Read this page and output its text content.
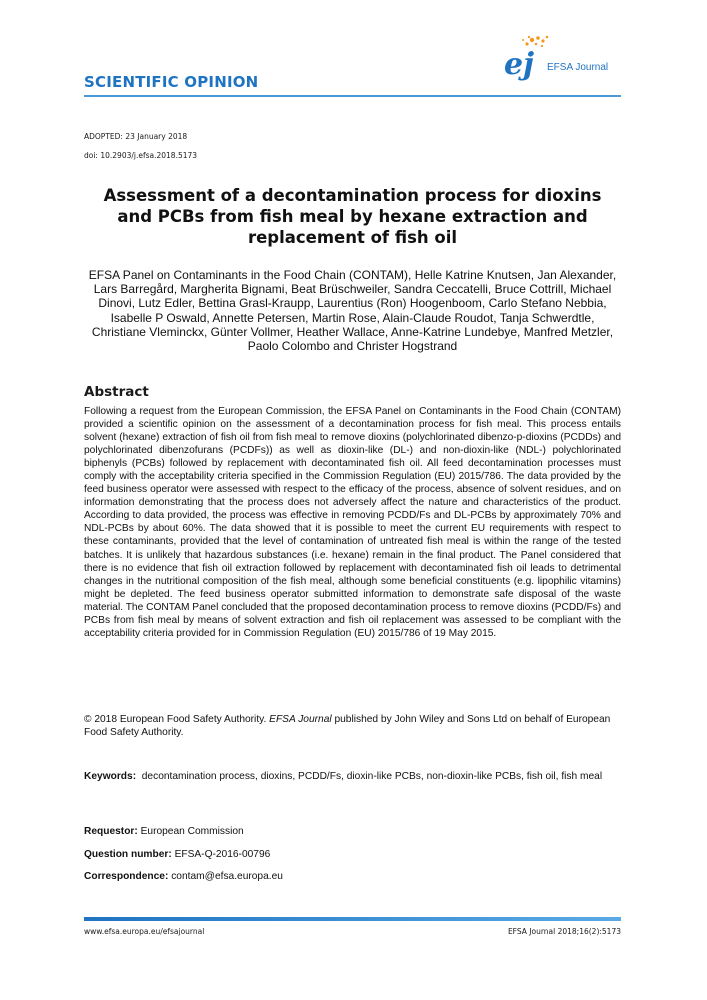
SCIENTIFIC OPINION	ej EFSA Journal
ADOPTED: 23 January 2018
doi: 10.2903/j.efsa.2018.5173
Assessment of a decontamination process for dioxins and PCBs from fish meal by hexane extraction and replacement of fish oil
EFSA Panel on Contaminants in the Food Chain (CONTAM), Helle Katrine Knutsen, Jan Alexander, Lars Barregård, Margherita Bignami, Beat Brüschweiler, Sandra Ceccatelli, Bruce Cottrill, Michael Dinovi, Lutz Edler, Bettina Grasl-Kraupp, Laurentius (Ron) Hoogenboom, Carlo Stefano Nebbia, Isabelle P Oswald, Annette Petersen, Martin Rose, Alain-Claude Roudot, Tanja Schwerdtle, Christiane Vleminckx, Günter Vollmer, Heather Wallace, Anne-Katrine Lundebye, Manfred Metzler, Paolo Colombo and Christer Hogstrand
Abstract
Following a request from the European Commission, the EFSA Panel on Contaminants in the Food Chain (CONTAM) provided a scientific opinion on the assessment of a decontamination process for fish meal. This process entails solvent (hexane) extraction of fish oil from fish meal to remove dioxins (polychlorinated dibenzo-p-dioxins (PCDDs) and polychlorinated dibenzofurans (PCDFs)) as well as dioxin-like (DL-) and non-dioxin-like (NDL-) polychlorinated biphenyls (PCBs) followed by replacement with decontaminated fish oil. All feed decontamination processes must comply with the acceptability criteria specified in the Commission Regulation (EU) 2015/786. The data provided by the feed business operator were assessed with respect to the efficacy of the process, absence of solvent residues, and on information demonstrating that the process does not adversely affect the nature and characteristics of the product. According to data provided, the process was effective in removing PCDD/Fs and DL-PCBs by approximately 70% and NDL-PCBs by about 60%. The data showed that it is possible to meet the current EU requirements with respect to these contaminants, provided that the level of contamination of untreated fish meal is within the range of the tested batches. It is unlikely that hazardous substances (i.e. hexane) remain in the final product. The Panel considered that there is no evidence that fish oil extraction followed by replacement with decontaminated fish oil leads to detrimental changes in the nutritional composition of the fish meal, although some beneficial constituents (e.g. lipophilic vitamins) might be depleted. The feed business operator submitted information to demonstrate safe disposal of the waste material. The CONTAM Panel concluded that the proposed decontamination process to remove dioxins (PCDD/Fs) and PCBs from fish meal by means of solvent extraction and fish oil replacement was assessed to be compliant with the acceptability criteria provided for in Commission Regulation (EU) 2015/786 of 19 May 2015.
© 2018 European Food Safety Authority. EFSA Journal published by John Wiley and Sons Ltd on behalf of European Food Safety Authority.
Keywords: decontamination process, dioxins, PCDD/Fs, dioxin-like PCBs, non-dioxin-like PCBs, fish oil, fish meal
Requestor: European Commission
Question number: EFSA-Q-2016-00796
Correspondence: contam@efsa.europa.eu
www.efsa.europa.eu/efsajournal	EFSA Journal 2018;16(2):5173
